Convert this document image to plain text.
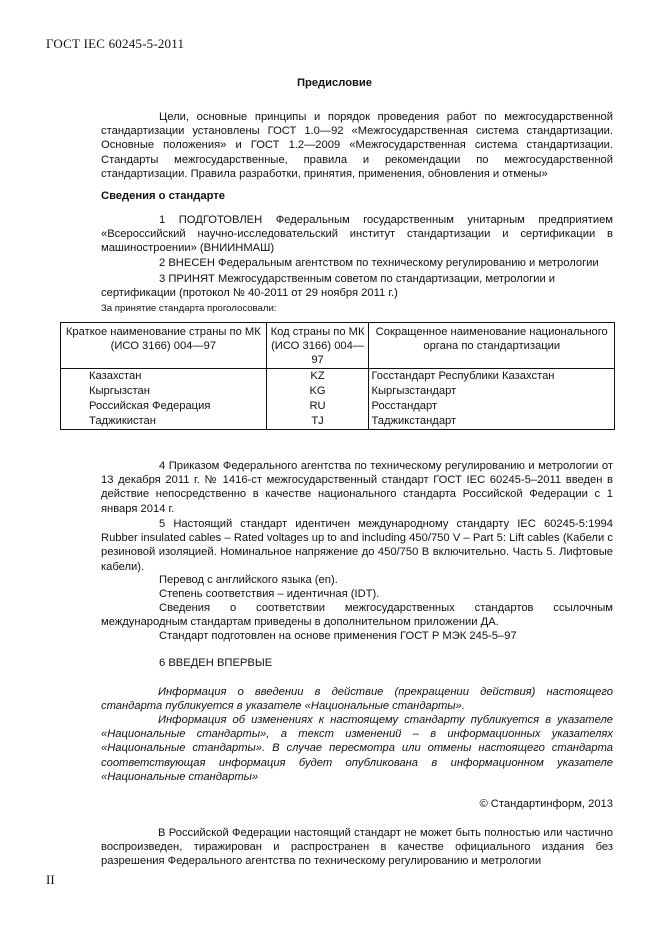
ГОСТ IEC 60245-5-2011
Предисловие
Цели, основные принципы и порядок проведения работ по межгосударственной стандартизации установлены ГОСТ 1.0—92 «Межгосударственная система стандартизации. Основные положения» и ГОСТ 1.2—2009 «Межгосударственная система стандартизации. Стандарты межгосударственные, правила и рекомендации по межгосударственной стандартизации. Правила разработки, принятия, применения, обновления и отмены»
Сведения о стандарте
1 ПОДГОТОВЛЕН Федеральным государственным унитарным предприятием «Всероссийский научно-исследовательский институт стандартизации и сертификации в машиностроении» (ВНИИНМАШ)
2 ВНЕСЕН Федеральным агентством по техническому регулированию и метрологии
3 ПРИНЯТ Межгосударственным советом по стандартизации, метрологии и сертификации (протокол № 40-2011 от 29 ноября 2011 г.)
За принятие стандарта проголосовали:
Краткое наименование страны по МК (ИСО 3166) 004—97	Код страны по МК (ИСО 3166) 004—97	Сокращенное наименование национального органа по стандартизации
Казахстан	KZ	Госстандарт Республики Казахстан
Кыргызстан	KG	Кыргызстандарт
Российская Федерация	RU	Росстандарт
Таджикистан	TJ	Таджикстандарт
4 Приказом Федерального агентства по техническому регулированию и метрологии от 13 декабря 2011 г. № 1416-ст межгосударственный стандарт ГОСТ IEC 60245-5–2011 введен в действие непосредственно в качестве национального стандарта Российской Федерации с 1 января 2014 г.
5 Настоящий стандарт идентичен международному стандарту IEC 60245-5:1994 Rubber insulated cables – Rated voltages up to and including 450/750 V – Part 5: Lift cables (Кабели с резиновой изоляцией. Номинальное напряжение до 450/750 В включительно. Часть 5. Лифтовые кабели).
Перевод с английского языка (en).
Степень соответствия – идентичная (IDT).
Сведения о соответствии межгосударственных стандартов ссылочным международным стандартам приведены в дополнительном приложении ДА.
Стандарт подготовлен на основе применения ГОСТ Р МЭК 245-5–97
6 ВВЕДЕН ВПЕРВЫЕ
Информация о введении в действие (прекращении действия) настоящего стандарта публикуется в указателе «Национальные стандарты».
Информация об изменениях к настоящему стандарту публикуется в указателе «Национальные стандарты», а текст изменений – в информационных указателях «Национальные стандарты». В случае пересмотра или отмены настоящего стандарта соответствующая информация будет опубликована в информационном указателе «Национальные стандарты»
© Стандартинформ, 2013
В Российской Федерации настоящий стандарт не может быть полностью или частично воспроизведен, тиражирован и распространен в качестве официального издания без разрешения Федерального агентства по техническому регулированию и метрологии
II
